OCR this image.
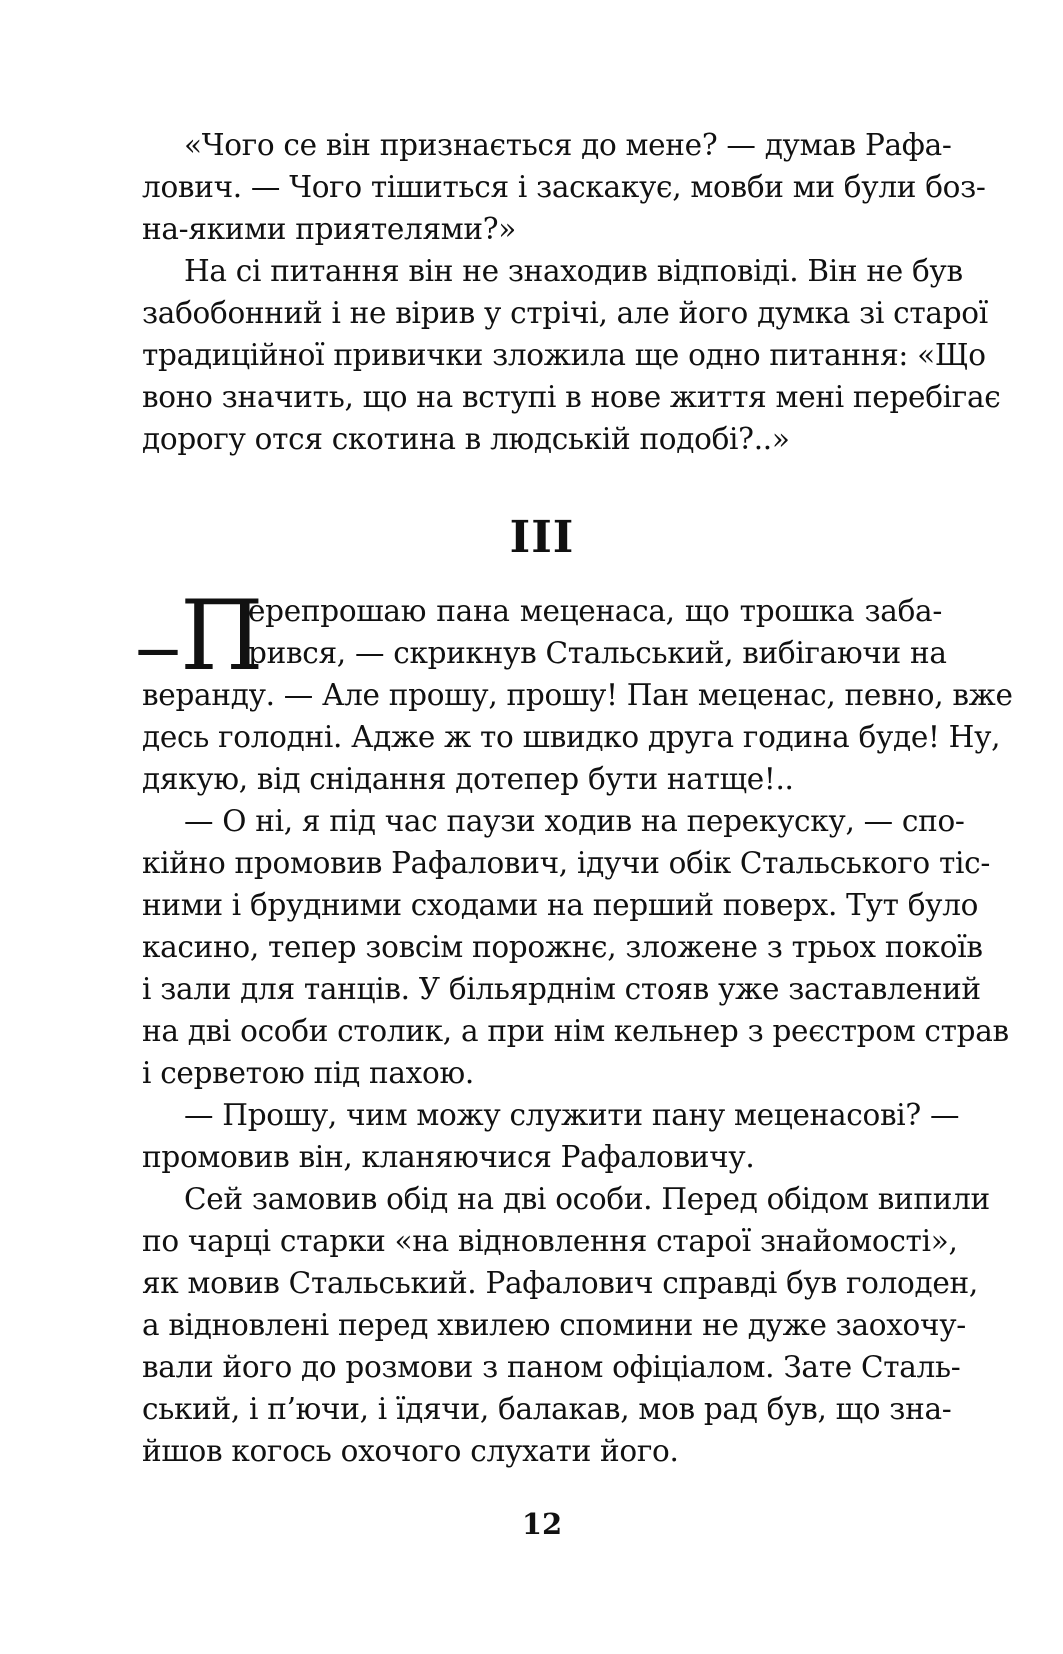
«Чого се він признається до мене? — думав Рафа-
лович. — Чого тішиться і заскакує, мовби ми були боз-
на-якими приятелями?»
На сі питання він не знаходив відповіді. Він не був
забобонний і не вірив у стрічі, але його думка зі старої
традиційної привички зложила ще одно питання: «Що
воно значить, що на вступі в нове життя мені перебігає
дорогу отся скотина в людській подобі?..»
III
— П
ерепрошаю пана меценаса, що трошка заба-
рився, — скрикнув Стальський, вибігаючи на
веранду. — Але прошу, прошу! Пан меценас, певно, вже
десь голодні. Адже ж то швидко друга година буде! Ну,
дякую, від снідання дотепер бути натще!..
— О ні, я під час паузи ходив на перекуску, — спо-
кійно промовив Рафалович, ідучи обік Стальського тіс-
ними і брудними сходами на перший поверх. Тут було
касино, тепер зовсім порожнє, зложене з трьох покоїв
і зали для танців. У більярднім стояв уже заставлений
на дві особи столик, а при нім кельнер з реєстром страв
і серветою під пахою.
— Прошу, чим можу служити пану меценасові? —
промовив він, кланяючися Рафаловичу.
Сей замовив обід на дві особи. Перед обідом випили
по чарці старки «на відновлення старої знайомості»,
як мовив Стальський. Рафалович справді був голоден,
а відновлені перед хвилею спомини не дуже заохочу-
вали його до розмови з паном офіціалом. Зате Сталь-
ський, і п’ючи, і їдячи, балакав, мов рад був, що зна-
йшов когось охочого слухати його.
12
